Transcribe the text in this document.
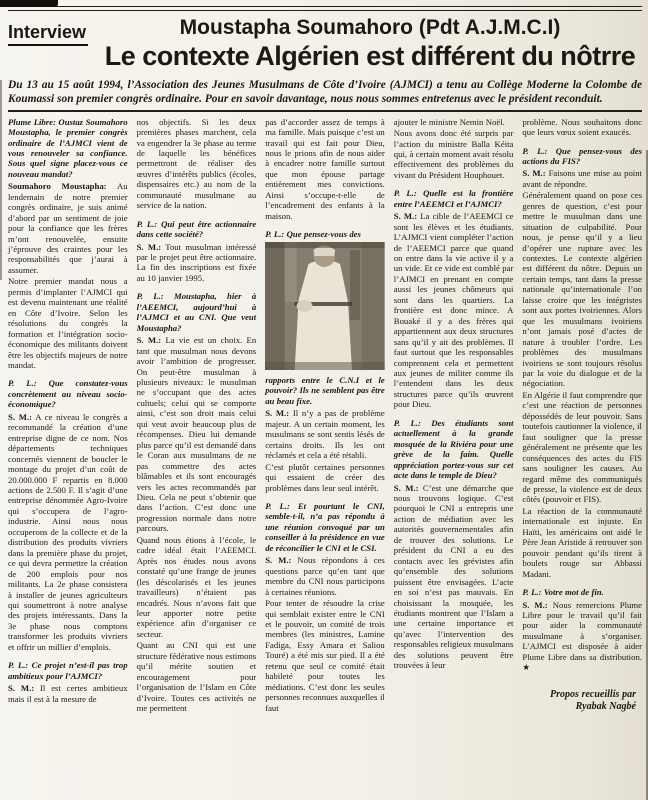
Interview	Moustapha Soumahoro (Pdt A.J.M.C.I)
Le contexte Algérien est différent du nôtrre
Du 13 au 15 août 1994, l’Association des Jeunes Musulmans de Côte d’Ivoire (AJMCI) a tenu au Collège Moderne la Colombe de Koumassi son premier congrès ordinaire. Pour en savoir davantage, nous nous sommes entretenus avec le président reconduit.

Plume Libre: Oustaz Soumahoro Moustapha, le premier congrès ordinaire de l’AJMCI vient de vous renouveler sa confiance. Sous quel signe placez-vous ce nouveau mandat?

Soumahoro Moustapha: Au lendemain de notre premier congrès ordinaire, je suis animé d’abord par un sentiment de joie pour la confiance que les frères m’ont renouvelée, ensuite j’éprouve des craintes pour les responsabilités que j’aurai à assumer.

Notre premier mandat nous a permis d’implanter l’AJMCI qui est devenu maintenant une réalité en Côte d’Ivoire. Selon les résolutions du congrès la formation et l’intégration socio-économique des militants doivent être les objectifs majeurs de notre mandat.

P. L.: Que constatez-vous concrètement au niveau socio-économique?

S. M.: A ce niveau le congrès a recommandé la création d’une entreprise digne de ce nom. Nos départements techniques concernés viennent de boucler le montage du projet d’un coût de 20.000.000 F repartis en 8.000 actions de 2.500 F. Il s’agit d’une entreprise dénommée Agro-Ivoire qui s’occupera de l’agro-industrie. Ainsi nous nous occuperons de la collecte et de la distribution des produits vivriers dans la première phase du projet, ce qui devra permettre la création de 200 emplois pour nos militants. La 2e phase consistera à installer de jeunes agriculteurs qui soumettront à notre analyse des projets intéressants. Dans la 3e phase nous comptons transformer les produits vivriers et offrir un millier d’emplois.

P. L.: Ce projet n’est-il pas trop ambitieux pour l’AJMCI?

S. M.: Il est certes ambitieux mais il est à la mesure de

nos objectifs. Si les deux premières phases marchent, cela va engendrer la 3e phase au terme de laquelle les bénéfices permettront de réaliser des œuvres d’intérêts publics (écoles, dispensaires etc.) au nom de la communauté musulmane au service de la nation.

P. L.: Qui peut être actionnaire dans cette société?

S. M.: Tout musulman intéressé par le projet peut être actionnaire. La fin des inscriptions est fixée au 10 janvier 1995.

P. L.: Moustapha, hier à l’AEEMCI, aujourd’hui à l’AJMCI et au CNI. Que veut Moustapha?

S. M.: La vie est un choix. En tant que musulman nous devons avoir l’ambition de progresser. On peut-être musulman à plusieurs niveaux: le musulman ne s’occupant que des actes cultuels; celui qui se comporte ainsi, c’est son droit mais celui qui veut avoir beaucoup plus de récompenses. Dieu lui demande plus parce qu’il est demandé dans le Coran aux musulmans de ne pas commettre des actes blâmables et ils sont encouragés vers les actes recommandés par Dieu. Cela ne peut s’obtenir que dans l’action. C’est donc une progression normale dans notre parcours.

Quand nous étions à l’école, le cadre idéal était l’AEEMCI. Après nos études nous avons constaté qu’une frange de jeunes (les déscolarisés et les jeunes travailleurs) n’étaient pas encadrés. Nous n’avons fait que leur apporter notre petite expérience afin d’organiser ce secteur.

Quant au CNI qui est une structure fédérative nous estimons qu’il mérite soutien et encouragement pour l’organisation de l’Islam en Côte d’Ivoire. Toutes ces activités ne me permettent

pas d’accorder assez de temps à ma famille. Mais puisque c’est un travail qui est fait pour Dieu, nous le prions afin de nous aider à encadrer notre famille surtout que mon épouse partage entièrement mes convictions. Ainsi s’occupe-t-elle de l’encadrement des enfants à la maison.

P. L.: Que pensez-vous des

rapports entre le C.N.I et le pouvoir? Ils ne semblent pas être au beau fixe.

S. M.: Il n’y a pas de problème majeur. A un certain moment, les musulmans se sont sentis lésés de certains droits. Ils les ont réclamés et cela a été rétabli.

C’est plutôt certaines personnes qui essaient de créer des problèmes dans leur seul intérêt.

P. L.: Et pourtant le CNI, semble-t-il, n’a pas répondu à une réunion convoqué par un conseiller à la présidence en vue de réconcilier le CNI et le CSI.

S. M.: Nous répondons à ces questions parce qu’en tant que membre du CNI nous participons à certaines réunions.

Pour tenter de résoudre la crise qui semblait exister entre le CNI et le pouvoir, un comité de trois membres (les ministres, Lamine Fadiga, Essy Amara et Saliou Touré) a été mis sur pied. Il a été retenu que seul ce comité était habileté pour toutes les médiations. C’est donc les seules personnes reconnues auxquelles il faut

ajouter le ministre Nemin Noël.

Nous avons donc été surpris par l’action du ministre Balla Kéita qui, à certain moment avait résolu effectivement des problèmes du vivant du Président Houphouet.

P. L.: Quelle est la frontière entre l’AEEMCI et l’AJMCI?

S. M.: La cible de l’AEEMCI ce sont les élèves et les étudiants. L’AJMCI vient compléter l’action de l’AEEMCI parce que quand on entre dans la vie active il y a un vide. Et ce vide est comblé par l’AJMCI en prenant en compte aussi les jeunes chômeurs qui sont dans les quartiers. La frontière est donc mince. A Bouaké il y a des frères qui appartiennent aux deux structures sans qu’il y ait des problèmes. Il faut surtout que les responsables comprennent cela et permettent aux jeunes de militer comme ils l’entendent dans les deux structures parce qu’ils œuvrent pour Dieu.

P. L.: Des étudiants sont actuellement à la grande mosquée de la Riviéra pour une grève de la faim. Quelle appréciation portez-vous sur cet acte dans le temple de Dieu?

S. M.: C’est une démarche que nous trouvons logique. C’est pourquoi le CNI a entrepris une action de médiation avec les autorités gouvernementales afin de trouver des solutions. Le président du CNI a eu des contacts avec les grévistes afin qu’ensemble des solutions puissent être envisagées. L’acte en soi n’est pas mauvais. En choisissant la mosquée, les étudiants montrent que l’Islam a une certaine importance et qu’avec l’intervention des responsables religieux musulmans des solutions peuvent être trouvées à leur

problème. Nous souhaitons donc que leurs vœux soient exaucés.

P. L.: Que pensez-vous des actions du FIS?

S. M.: Faisons une mise au point avant de répondre.

Généralement quand on pose ces genres de question, c’est pour mettre le musulman dans une situation de culpabilité. Pour nous, je pense qu’il y a lieu d’opérer une rupture avec les contextes. Le contexte algérien est différent du nôtre. Depuis un certain temps, tant dans la presse nationale qu’internationale l’on laisse croire que les intégristes sont aux portes ivoiriennes. Alors que les musulmans ivoiriens n’ont jamais posé d’actes de nature à troubler l’ordre. Les problèmes des musulmans ivoiriens se sont toujours résolus par la voie du dialogue et de la négociation.

En Algérie il faut comprendre que c’est une réaction de personnes dépossédés de leur pouvoir. Sans toutefois cautionner la violence, il faut souligner que la presse généralement ne présente que les conséquences des actes du FIS sans souligner les causes. Au regard même des communiqués de presse, la violence est de deux côtés (pouvoir et FIS).

La réaction de la communauté internationale est injuste. En Haïti, les américains ont aidé le Père Jean Aristide à retrouver son pouvoir pendant qu’ils tirent à boulets rouge sur Abbassi Madani.

P. L.: Votre mot de fin.

S. M.: Nous remercions Plume Libre pour le travail qu’il fait pour aider la communauté musulmane à s’organiser. L’AJMCI est disposée à aider Plume Libre dans sa distribution. ★

Propos recueillis par
Ryabak Nagbé
